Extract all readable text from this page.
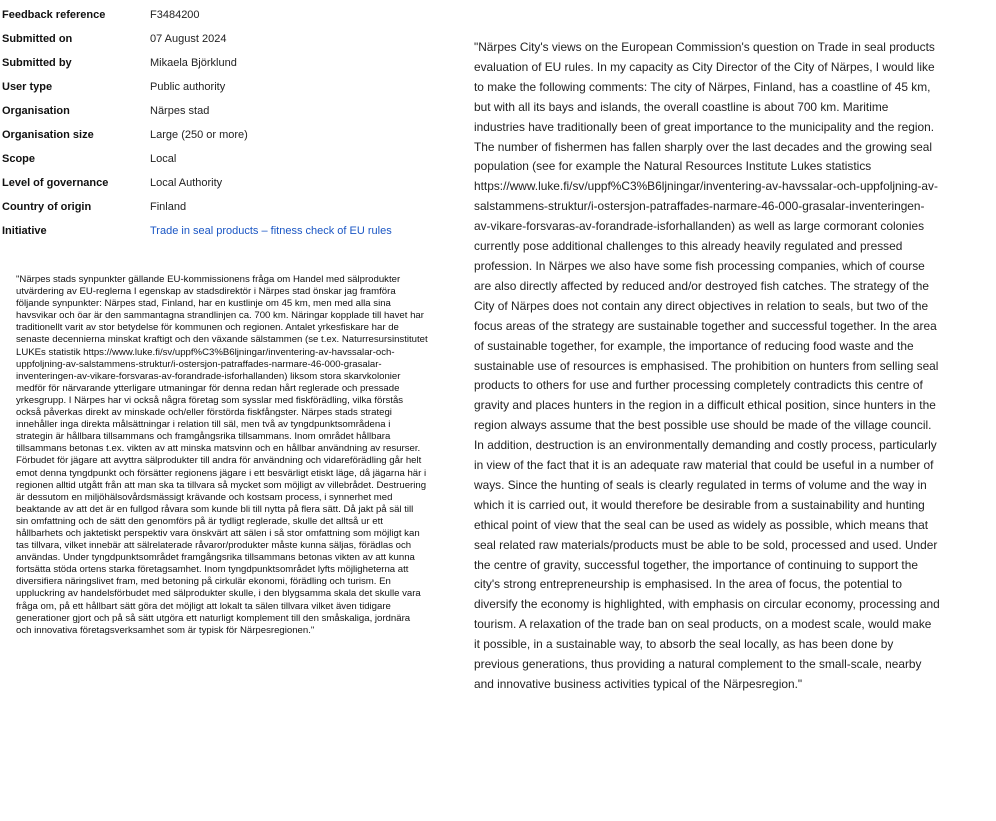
Feedback reference	F3484200
Submitted on	07 August 2024
Submitted by	Mikaela Björklund
User type	Public authority
Organisation	Närpes stad
Organisation size	Large (250 or more)
Scope	Local
Level of governance	Local Authority
Country of origin	Finland
Initiative	Trade in seal products – fitness check of EU rules

"Närpes stads synpunkter gällande EU-kommissionens fråga om Handel med sälprodukter utvärdering av EU-reglerna I egenskap av stadsdirektör i Närpes stad önskar jag framföra följande synpunkter: Närpes stad, Finland, har en kustlinje om 45 km, men med alla sina havsvikar och öar är den sammantagna strandlinjen ca. 700 km. Näringar kopplade till havet har traditionellt varit av stor betydelse för kommunen och regionen. Antalet yrkesfiskare har de senaste decennierna minskat kraftigt och den växande sälstammen (se t.ex. Naturresursinstitutet LUKEs statistik https://www.luke.fi/sv/uppf%C3%B6ljningar/inventering-av-havssalar-och-uppfoljning-av-salstammens-struktur/i-ostersjon-patraffades-narmare-46-000-grasalar-inventeringen-av-vikare-forsvaras-av-forandrade-isforhallanden) liksom stora skarvkolonier medför för närvarande ytterligare utmaningar för denna redan hårt reglerade och pressade yrkesgrupp. I Närpes har vi också några företag som sysslar med fiskförädling, vilka förstås också påverkas direkt av minskade och/eller förstörda fiskfångster. Närpes stads strategi innehåller inga direkta målsättningar i relation till säl, men två av tyngdpunktsområdena i strategin är hållbara tillsammans och framgångsrika tillsammans. Inom området hållbara tillsammans betonas t.ex. vikten av att minska matsvinn och en hållbar användning av resurser. Förbudet för jägare att avyttra sälprodukter till andra för användning och vidareförädling går helt emot denna tyngdpunkt och försätter regionens jägare i ett besvärligt etiskt läge, då jägarna här i regionen alltid utgått från att man ska ta tillvara så mycket som möjligt av villebrådet. Destruering är dessutom en miljöhälsovårdsmässigt krävande och kostsam process, i synnerhet med beaktande av att det är en fullgod råvara som kunde bli till nytta på flera sätt. Då jakt på säl till sin omfattning och de sätt den genomförs på är tydligt reglerade, skulle det alltså ur ett hållbarhets och jaktetiskt perspektiv vara önskvärt att sälen i så stor omfattning som möjligt kan tas tillvara, vilket innebär att sälrelaterade råvaror/produkter måste kunna säljas, förädlas och användas. Under tyngdpunktsområdet framgångsrika tillsammans betonas vikten av att kunna fortsätta stöda ortens starka företagsamhet. Inom tyngdpunktsområdet lyfts möjligheterna att diversifiera näringslivet fram, med betoning på cirkulär ekonomi, förädling och turism. En uppluckring av handelsförbudet med sälprodukter skulle, i den blygsamma skala det skulle vara fråga om, på ett hållbart sätt göra det möjligt att lokalt ta sälen tillvara vilket även tidigare generationer gjort och på så sätt utgöra ett naturligt komplement till den småskaliga, jordnära och innovativa företagsverksamhet som är typisk för Närpesregionen."

"Närpes City's views on the European Commission's question on Trade in seal products evaluation of EU rules. In my capacity as City Director of the City of Närpes, I would like to make the following comments: The city of Närpes, Finland, has a coastline of 45 km, but with all its bays and islands, the overall coastline is about 700 km. Maritime industries have traditionally been of great importance to the municipality and the region. The number of fishermen has fallen sharply over the last decades and the growing seal population (see for example the Natural Resources Institute Lukes statistics https://www.luke.fi/sv/uppf%C3%B6ljningar/inventering-av-havssalar-och-uppfoljning-av-salstammens-struktur/i-ostersjon-patraffades-narmare-46-000-grasalar-inventeringen-av-vikare-forsvaras-av-forandrade-isforhallanden) as well as large cormorant colonies currently pose additional challenges to this already heavily regulated and pressed profession. In Närpes we also have some fish processing companies, which of course are also directly affected by reduced and/or destroyed fish catches. The strategy of the City of Närpes does not contain any direct objectives in relation to seals, but two of the focus areas of the strategy are sustainable together and successful together. In the area of sustainable together, for example, the importance of reducing food waste and the sustainable use of resources is emphasised. The prohibition on hunters from selling seal products to others for use and further processing completely contradicts this centre of gravity and places hunters in the region in a difficult ethical position, since hunters in the region always assume that the best possible use should be made of the village council. In addition, destruction is an environmentally demanding and costly process, particularly in view of the fact that it is an adequate raw material that could be useful in a number of ways. Since the hunting of seals is clearly regulated in terms of volume and the way in which it is carried out, it would therefore be desirable from a sustainability and hunting ethical point of view that the seal can be used as widely as possible, which means that seal related raw materials/products must be able to be sold, processed and used. Under the centre of gravity, successful together, the importance of continuing to support the city's strong entrepreneurship is emphasised. In the area of focus, the potential to diversify the economy is highlighted, with emphasis on circular economy, processing and tourism. A relaxation of the trade ban on seal products, on a modest scale, would make it possible, in a sustainable way, to absorb the seal locally, as has been done by previous generations, thus providing a natural complement to the small-scale, nearby and innovative business activities typical of the Närpesregion."
